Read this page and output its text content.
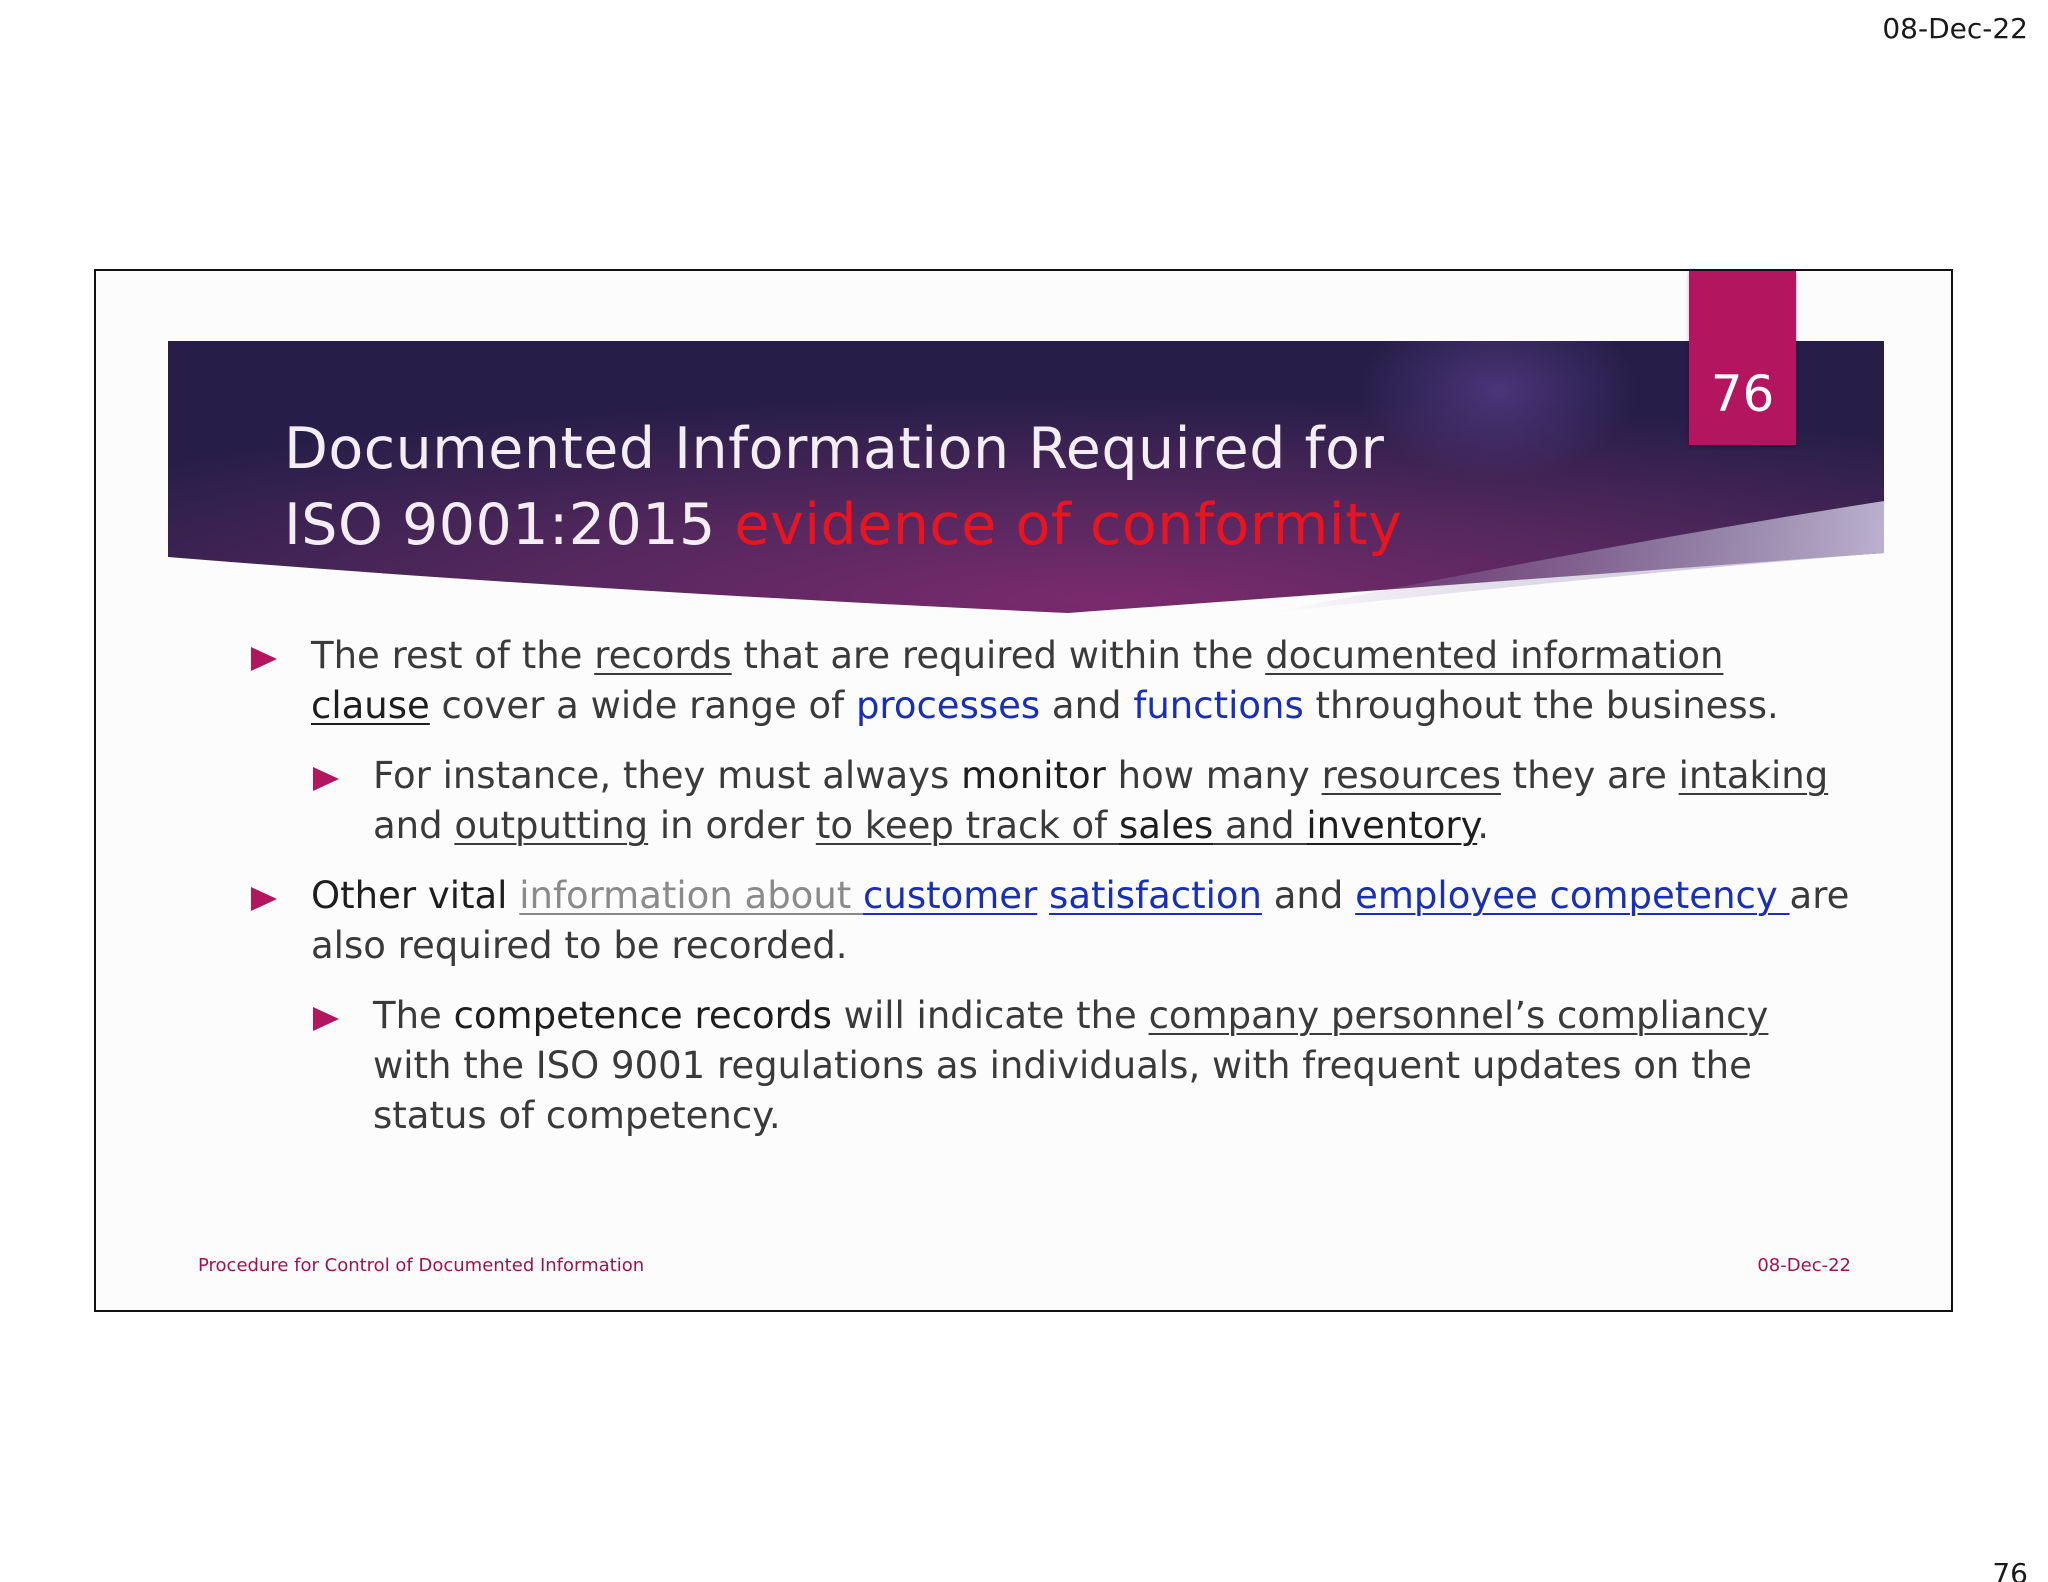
08-Dec-22
Documented Information Required for ISO 9001:2015 evidence of conformity
76
The rest of the records that are required within the documented information clause cover a wide range of processes and functions throughout the business.
For instance, they must always monitor how many resources they are intaking and outputting in order to keep track of sales and inventory.
Other vital information about customer satisfaction and employee competency are also required to be recorded.
The competence records will indicate the company personnel’s compliancy with the ISO 9001 regulations as individuals, with frequent updates on the status of competency.
Procedure for Control of Documented Information	08-Dec-22
76
